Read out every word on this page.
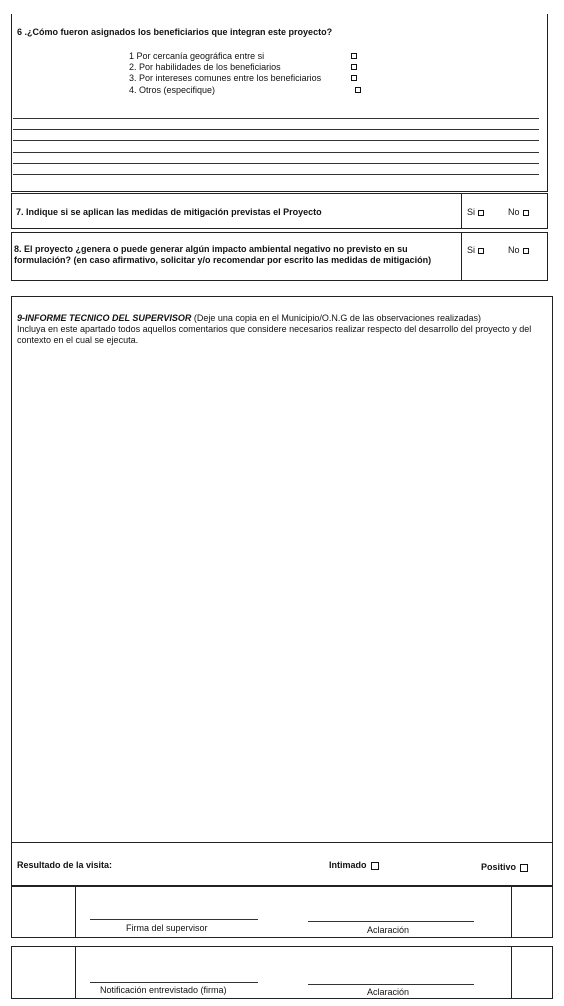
6 .¿Cómo fueron asignados los beneficiarios que integran este proyecto?
1 Por cercanía geográfica entre si
2. Por habilidades de los beneficiarios
3. Por intereses comunes entre los beneficiarios
4. Otros (especifique)
7. Indique si se aplican las medidas de mitigación previstas el Proyecto	Si	No
8. El proyecto ¿genera o puede generar algún impacto ambiental negativo no previsto en su formulación? (en caso afirmativo, solicitar y/o recomendar por escrito las medidas de mitigación)
Si	No
9-INFORME TECNICO DEL SUPERVISOR (Deje una copia en el Municipio/O.N.G de las observaciones realizadas)
Incluya en este apartado todos aquellos comentarios que considere necesarios realizar respecto del desarrollo del proyecto y del contexto en el cual se ejecuta.
Resultado de la visita:	Intimado	Positivo
Firma del supervisor	Aclaración
Notificación entrevistado (firma)	Aclaración
